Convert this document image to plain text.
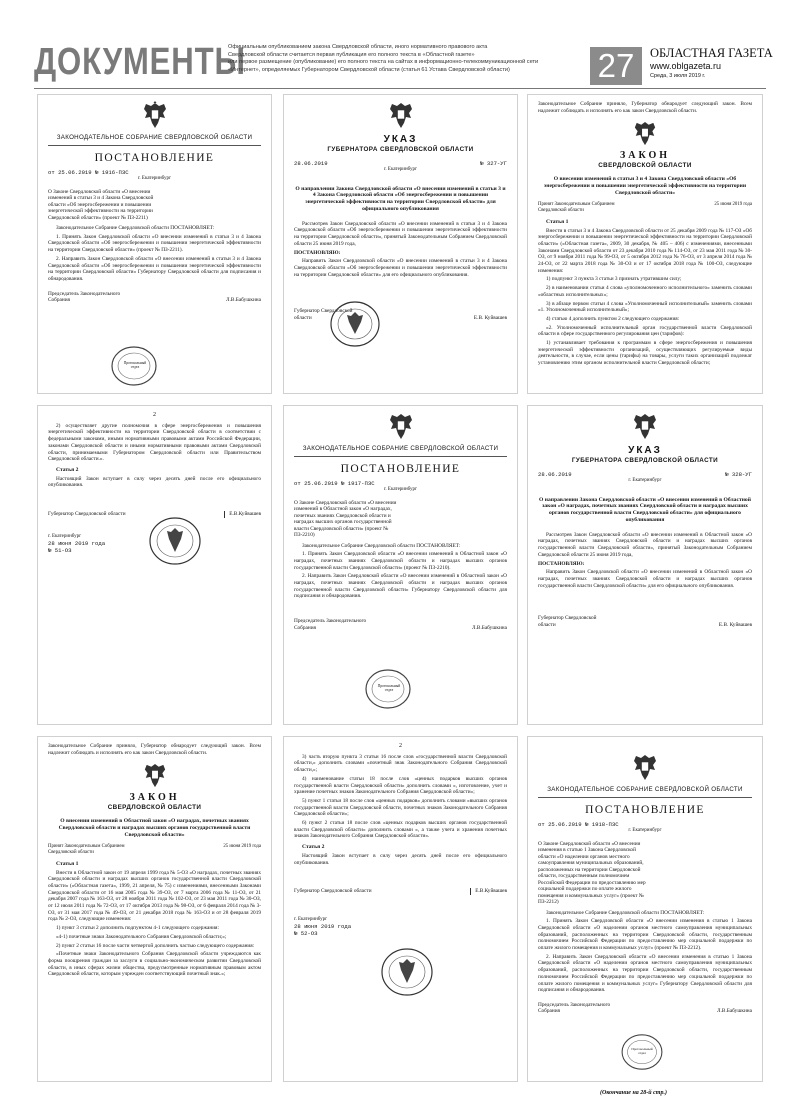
ДОКУМЕНТЫ

Официальным опубликованием закона Свердловской области, иного нормативного правового акта

Свердловской области считается первая публикация его полного текста в «Областной газете»

или первое размещение (опубликование) его полного текста на сайтах в информационно-телекоммуникационной сети

«Интернет», определяемых Губернатором Свердловской области (статья 61 Устава Свердловской области)	27	ОБЛАСТНАЯ ГАЗЕТА
www.oblgazeta.ru
Среда, 3 июля 2019 г.
ЗАКОНОДАТЕЛЬНОЕ СОБРАНИЕ СВЕРДЛОВСКОЙ ОБЛАСТИ
ПОСТАНОВЛЕНИЕ
от 25.06.2019 № 1916-ПЗС
г. Екатеринбург
О Законе Свердловской области «О внесении изменений в статьи 3 и 4 Закона Свердловской области «Об энергосбережении и повышении энергетической эффективности на территории Свердловской области» (проект № ПЗ-2211)

Законодательное Собрание Свердловской области ПОСТАНОВЛЯЕТ:

1. Принять Закон Свердловской области «О внесении изменений в статьи 3 и 4 Закона Свердловской области «Об энергосбережении и повышении энергетической эффективности на территории Свердловской области» (проект № ПЗ-2211).

2. Направить Закон Свердловской области «О внесении изменений в статьи 3 и 4 Закона Свердловской области «Об энергосбережении и повышении энергетической эффективности на территории Свердловской области» Губернатору Свердловской области для подписания и обнародования.

Председатель Законодательного Собрания	Л.В.Бабушкина
Протокольный отдел
УКАЗ
ГУБЕРНАТОРА СВЕРДЛОВСКОЙ ОБЛАСТИ
28.06.2019	№ 327-УГ
г. Екатеринбург
О направлении Закона Свердловской области «О внесении изменений в статьи 3 и 4 Закона Свердловской области «Об энергосбережении и повышении энергетической эффективности на территории Свердловской области» для официального опубликования

Рассмотрев Закон Свердловской области «О внесении изменений в статьи 3 и 4 Закона Свердловской области «Об энергосбережении и повышении энергетической эффективности на территории Свердловской области», принятый Законодательным Собранием Свердловской области 25 июня 2019 года,

ПОСТАНОВЛЯЮ:

Направить Закон Свердловской области «О внесении изменений в статьи 3 и 4 Закона Свердловской области «Об энергосбережении и повышении энергетической эффективности на территории Свердловской области» для его официального опубликования.

Губернатор Свердловской области	Е.В. Куйвашев

Законодательное Собрание приняло, Губернатор обнародует следующий закон. Всем надлежит соблюдать и исполнять его как закон Свердловской области.

ЗАКОН
СВЕРДЛОВСКОЙ ОБЛАСТИ
О внесении изменений в статьи 3 и 4 Закона Свердловской области «Об энергосбережении и повышении энергетической эффективности на территории Свердловской области»
Принят Законодательным Собранием Свердловской области
25 июня 2019 года
Статья 1

Внести в статьи 3 и 4 Закона Свердловской области от 25 декабря 2009 года № 117-ОЗ «Об энергосбережении и повышении энергетической эффективности на территории Свердловской области» («Областная газета», 2009, 30 декабря, № 405 – 406) с изменениями, внесенными Законами Свердловской области от 23 декабря 2010 года № 114-ОЗ, от 23 мая 2011 года № 30-ОЗ, от 9 ноября 2011 года № 99-ОЗ, от 5 октября 2012 года № 76-ОЗ, от 3 апреля 2014 года № 24-ОЗ, от 22 марта 2018 года № 30-ОЗ и от 17 октября 2018 года № 100-ОЗ, следующие изменения:

1) подпункт 3 пункта 3 статьи 3 признать утратившим силу;

2) в наименовании статьи 4 слова «уполномоченного исполнительного» заменить словами «областных исполнительных»;

3) в абзаце первом статьи 4 слова «Уполномоченный исполнительный» заменить словами «1. Уполномоченный исполнительный»;

4) статью 4 дополнить пунктом 2 следующего содержания:

«2. Уполномоченный исполнительный орган государственной власти Свердловской области в сфере государственного регулирования цен (тарифов):

1) устанавливает требования к программам в сфере энергосбережения и повышения энергетической эффективности организаций, осуществляющих регулируемые виды деятельности, в случае, если цены (тарифы) на товары, услуги таких организаций подлежат установлению этим органом исполнительной власти Свердловской области;

2

2) осуществляет другие полномочия в сфере энергосбережения и повышения энергетической эффективности на территории Свердловской области в соответствии с федеральными законами, иными нормативными правовыми актами Российской Федерации, законами Свердловской области и иными нормативными правовыми актами Свердловской области, принимаемыми Губернатором Свердловской области или Правительством Свердловской области.».

Статья 2

Настоящий Закон вступает в силу через десять дней после его официального опубликования.

Губернатор Свердловской области	Е.В.Куйвашев
г. Екатеринбург
28 июня 2019 года
№ 51-ОЗ
ЗАКОНОДАТЕЛЬНОЕ СОБРАНИЕ СВЕРДЛОВСКОЙ ОБЛАСТИ
ПОСТАНОВЛЕНИЕ
от 25.06.2019 № 1917-ПЗС
г. Екатеринбург
О Законе Свердловской области «О внесении изменений в Областной закон «О наградах, почетных званиях Свердловской области и наградах высших органов государственной власти Свердловской области» (проект № ПЗ-2210)

Законодательное Собрание Свердловской области ПОСТАНОВЛЯЕТ:

1. Принять Закон Свердловской области «О внесении изменений в Областной закон «О наградах, почетных званиях Свердловской области и наградах высших органов государственной власти Свердловской области» (проект № ПЗ-2210).

2. Направить Закон Свердловской области «О внесении изменений в Областной закон «О наградах, почетных званиях Свердловской области и наградах высших органов государственной власти Свердловской области» Губернатору Свердловской области для подписания и обнародования.

Председатель Законодательного Собрания	Л.В.Бабушкина
Протокольный отдел
УКАЗ
ГУБЕРНАТОРА СВЕРДЛОВСКОЙ ОБЛАСТИ
28.06.2019	№ 328-УГ
г. Екатеринбург
О направлении Закона Свердловской области «О внесении изменений в Областной закон «О наградах, почетных званиях Свердловской области и наградах высших органов государственной власти Свердловской области» для официального опубликования

Рассмотрев Закон Свердловской области «О внесении изменений в Областной закон «О наградах, почетных званиях Свердловской области и наградах высших органов государственной власти Свердловской области», принятый Законодательным Собранием Свердловской области 25 июня 2019 года,

ПОСТАНОВЛЯЮ:

Направить Закон Свердловской области «О внесении изменений в Областной закон «О наградах, почетных званиях Свердловской области и наградах высших органов государственной власти Свердловской области» для его официального опубликования.

Губернатор Свердловской области	Е.В. Куйвашев

Законодательное Собрание приняло, Губернатор обнародует следующий закон. Всем надлежит соблюдать и исполнять его как закон Свердловской области.

ЗАКОН
СВЕРДЛОВСКОЙ ОБЛАСТИ
О внесении изменений в Областной закон «О наградах, почетных званиях Свердловской области и наградах высших органов государственной власти Свердловской области»
Принят Законодательным Собранием Свердловской области
25 июня 2019 года
Статья 1

Внести в Областной закон от 19 апреля 1999 года № 5-ОЗ «О наградах, почетных званиях Свердловской области и наградах высших органов государственной власти Свердловской области» («Областная газета», 1999, 21 апреля, № 75) с изменениями, внесенными Законами Свердловской области от 16 мая 2005 года № 39-ОЗ, от 7 марта 2006 года № 11-ОЗ, от 21 декабря 2007 года № 163-ОЗ, от 28 ноября 2011 года № 102-ОЗ, от 23 мая 2011 года № 30-ОЗ, от 12 июля 2011 года № 72-ОЗ, от 17 октября 2013 года № 98-ОЗ, от 6 февраля 2014 года № 3-ОЗ, от 31 мая 2017 года № 49-ОЗ, от 21 декабря 2018 года № 163-ОЗ и от 28 февраля 2019 года № 2-ОЗ, следующие изменения:

1) пункт 3 статьи 2 дополнить подпунктом 4-1 следующего содержания:

«4-1) почетные знаки Законодательного Собрания Свердловской области;»;

2) пункт 2 статьи 16 после части четвертой дополнить частью следующего содержания:

«Почетные знаки Законодательного Собрания Свердловской области учреждаются как форма поощрения граждан за заслуги в социально-экономическом развитии Свердловской области, в иных сферах жизни общества, предусмотренные нормативным правовым актом Свердловской области, которым учрежден соответствующий почетный знак.»;

2

3) часть вторую пункта 3 статьи 16 после слов «государственной власти Свердловской области,» дополнить словами «почетный знак Законодательного Собрания Свердловской области,»;

4) наименование статьи 18 после слов «ценных подарков высших органов государственной власти Свердловской области» дополнить словами «, изготовление, учет и хранение почетных знаков Законодательного Собрания Свердловской области»;

5) пункт 1 статьи 18 после слов «ценных подарков» дополнить словами «высших органов государственной власти Свердловской области, почетных знаков Законодательного Собрания Свердловской области»;

6) пункт 2 статьи 18 после слов «ценных подарков высших органов государственной власти Свердловской области» дополнить словами «, а также учета и хранения почетных знаков Законодательного Собрания Свердловской области».

Статья 2

Настоящий Закон вступает в силу через десять дней после его официального опубликования.

Губернатор Свердловской области	Е.В.Куйвашев
г. Екатеринбург
28 июня 2019 года
№ 52-ОЗ
ЗАКОНОДАТЕЛЬНОЕ СОБРАНИЕ СВЕРДЛОВСКОЙ ОБЛАСТИ
ПОСТАНОВЛЕНИЕ
от 25.06.2019 № 1918-ПЗС
г. Екатеринбург
О Законе Свердловской области «О внесении изменения в статью 1 Закона Свердловской области «О наделении органов местного самоуправления муниципальных образований, расположенных на территории Свердловской области, государственным полномочием Российской Федерации по предоставлению мер социальной поддержки по оплате жилого помещения и коммунальных услуг» (проект № ПЗ-2212)

Законодательное Собрание Свердловской области ПОСТАНОВЛЯЕТ:

1. Принять Закон Свердловской области «О внесении изменения в статью 1 Закона Свердловской области «О наделении органов местного самоуправления муниципальных образований, расположенных на территории Свердловской области, государственным полномочием Российской Федерации по предоставлению мер социальной поддержки по оплате жилого помещения и коммунальных услуг» (проект № ПЗ-2212).

2. Направить Закон Свердловской области «О внесении изменения в статью 1 Закона Свердловской области «О наделении органов местного самоуправления муниципальных образований, расположенных на территории Свердловской области, государственным полномочием Российской Федерации по предоставлению мер социальной поддержки по оплате жилого помещения и коммунальных услуг» Губернатору Свердловской области для подписания и обнародования.

Председатель Законодательного Собрания	Л.В.Бабушкина
Протокольный отдел
(Окончание на 28-й стр.)
